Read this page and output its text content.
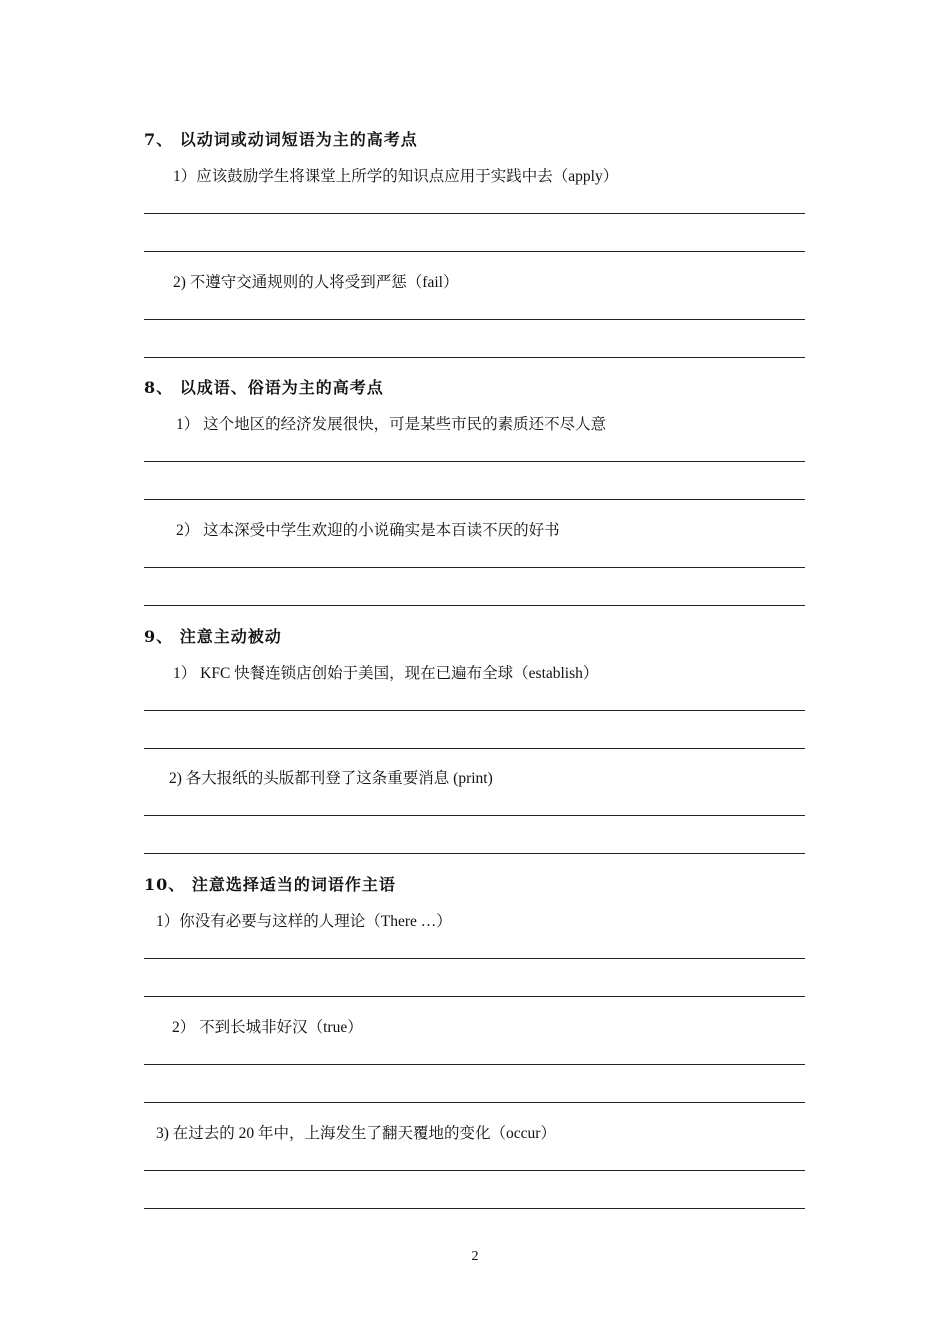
7、 以动词或动词短语为主的高考点
1）应该鼓励学生将课堂上所学的知识点应用于实践中去（apply）
2) 不遵守交通规则的人将受到严惩（fail）
8、 以成语、俗语为主的高考点
1） 这个地区的经济发展很快，可是某些市民的素质还不尽人意
2） 这本深受中学生欢迎的小说确实是本百读不厌的好书
9、 注意主动被动
1） KFC 快餐连锁店创始于美国，现在已遍布全球（establish）
2) 各大报纸的头版都刊登了这条重要消息 (print)
10、 注意选择适当的词语作主语
1）你没有必要与这样的人理论（There …）
2） 不到长城非好汉（true）
3) 在过去的 20 年中，上海发生了翻天覆地的变化（occur）
2
